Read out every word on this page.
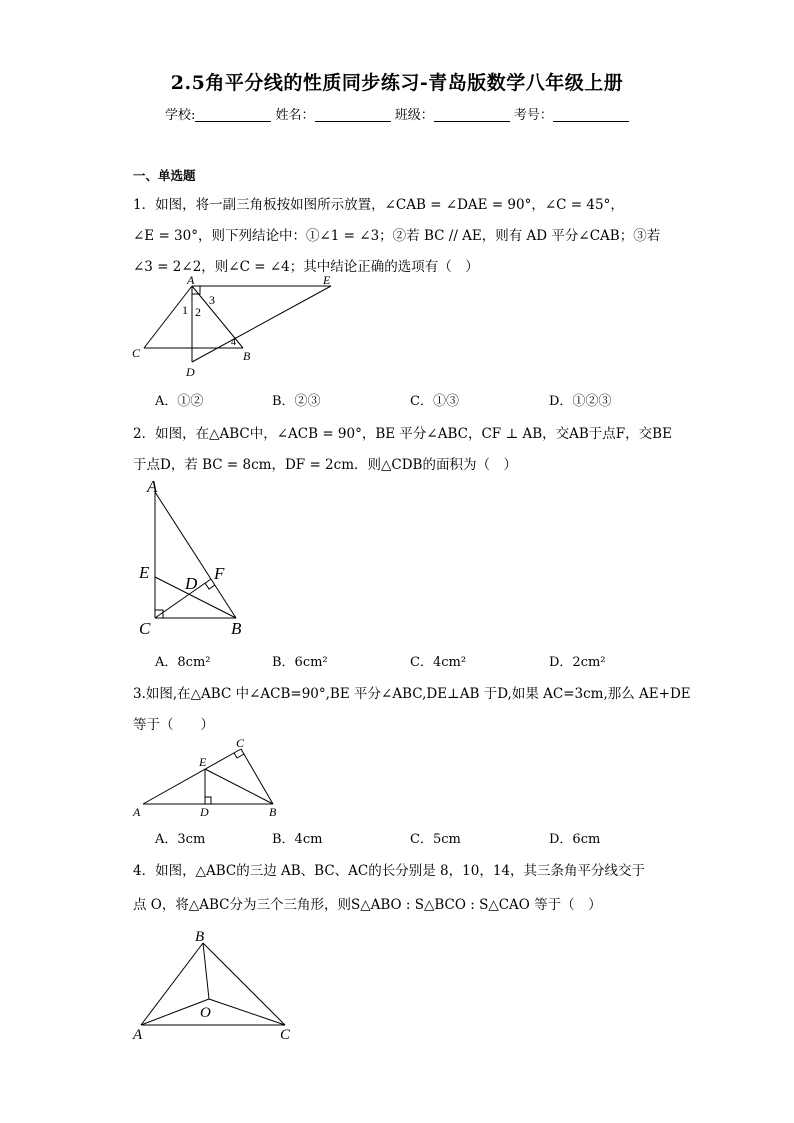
2.5角平分线的性质同步练习-青岛版数学八年级上册
学校:	姓名：	班级：	考号：
一、单选题
1．如图，将一副三角板按如图所示放置，∠CAB = ∠DAE = 90°，∠C = 45°，
∠E = 30°，则下列结论中：①∠1 = ∠3；②若 BC // AE，则有 AD 平分∠CAB；③若
∠3 = 2∠2，则∠C = ∠4；其中结论正确的选项有（　）
A	E
1 2
3
C
4
B
D
A．①②	B．②③	C．①③	D．①②③
2．如图，在△ABC中，∠ACB = 90°，BE 平分∠ABC，CF ⊥ AB，交AB于点F，交BE
于点D，若 BC = 8cm，DF = 2cm．则△CDB的面积为（　）
A
E
D
F
C	B
A．8cm²	B．6cm²	C．4cm²	D．2cm²
3.如图,在△ABC 中∠ACB=90°,BE 平分∠ABC,DE⊥AB 于D,如果 AC=3cm,那么 AE+DE
等于（　　）
C
E
A	D	B
A．3cm	B．4cm	C．5cm	D．6cm
4．如图，△ABC的三边 AB、BC、AC的长分别是 8，10，14，其三条角平分线交于
点 O，将△ABC分为三个三角形，则S△ABO : S△BCO : S△CAO 等于（　）
B
O
A	C
